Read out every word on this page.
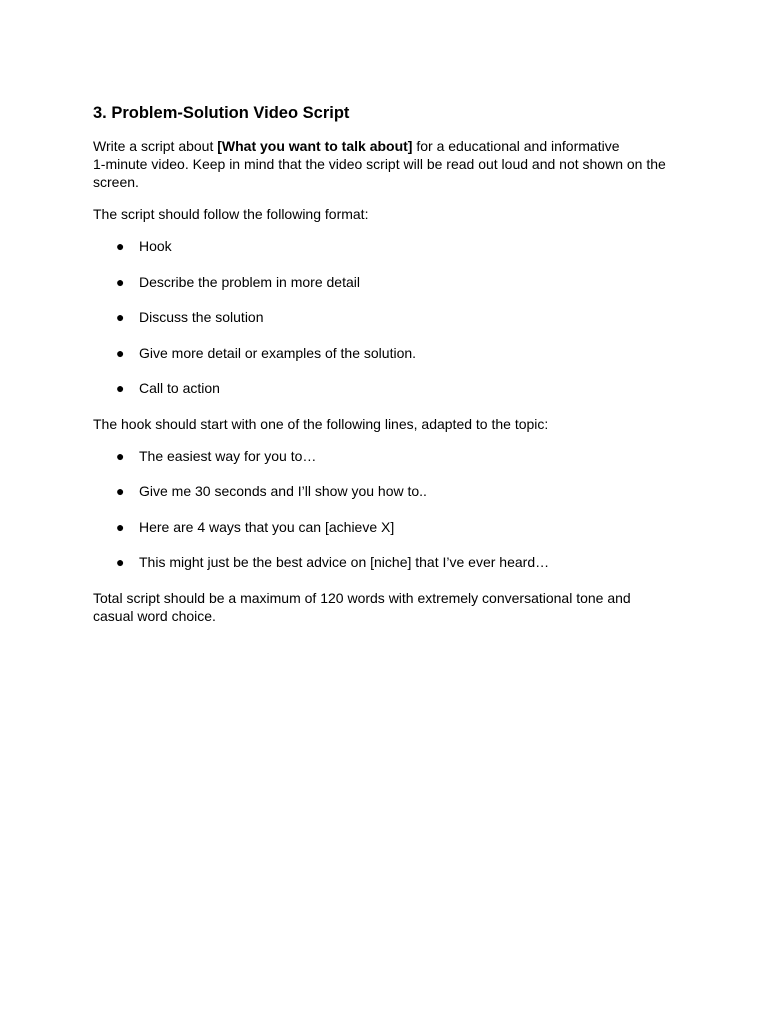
3. Problem-Solution Video Script

Write a script about [What you want to talk about] for a educational and informative
1-minute video. Keep in mind that the video script will be read out loud and not shown on the
screen.

The script should follow the following format:

● Hook
● Describe the problem in more detail
● Discuss the solution
● Give more detail or examples of the solution.
● Call to action

The hook should start with one of the following lines, adapted to the topic:

● The easiest way for you to…
● Give me 30 seconds and I’ll show you how to..
● Here are 4 ways that you can [achieve X]
● This might just be the best advice on [niche] that I’ve ever heard…

Total script should be a maximum of 120 words with extremely conversational tone and
casual word choice.
